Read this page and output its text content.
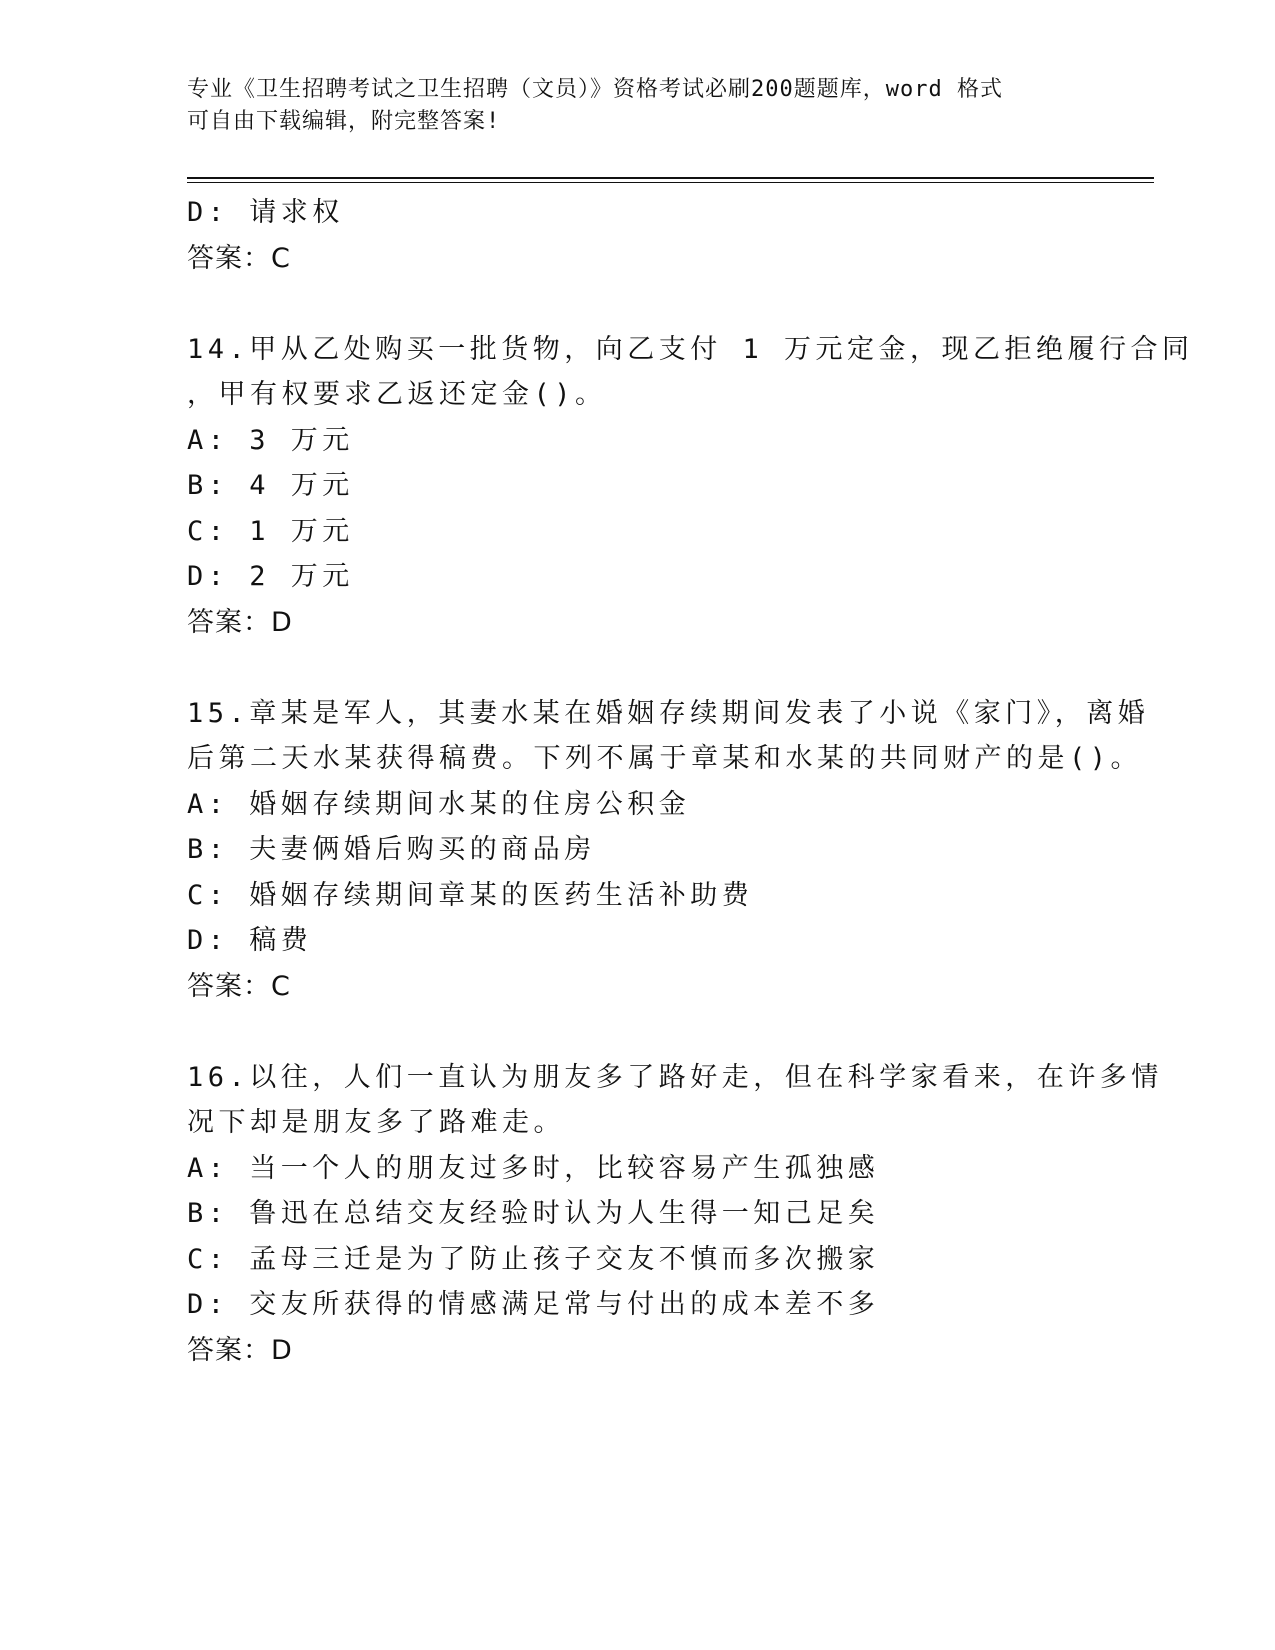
专业《卫生招聘考试之卫生招聘（文员）》资格考试必刷200题题库，word 格式
可自由下载编辑，附完整答案!
D: 请求权
答案：C
14.甲从乙处购买一批货物，向乙支付 1 万元定金，现乙拒绝履行合同
，甲有权要求乙返还定金()。
A: 3 万元
B: 4 万元
C: 1 万元
D: 2 万元
答案：D
15.章某是军人，其妻水某在婚姻存续期间发表了小说《家门》，离婚
后第二天水某获得稿费。下列不属于章某和水某的共同财产的是()。
A: 婚姻存续期间水某的住房公积金
B: 夫妻俩婚后购买的商品房
C: 婚姻存续期间章某的医药生活补助费
D: 稿费
答案：C
16.以往，人们一直认为朋友多了路好走，但在科学家看来，在许多情
况下却是朋友多了路难走。
A: 当一个人的朋友过多时，比较容易产生孤独感
B: 鲁迅在总结交友经验时认为人生得一知己足矣
C: 孟母三迁是为了防止孩子交友不慎而多次搬家
D: 交友所获得的情感满足常与付出的成本差不多
答案：D
